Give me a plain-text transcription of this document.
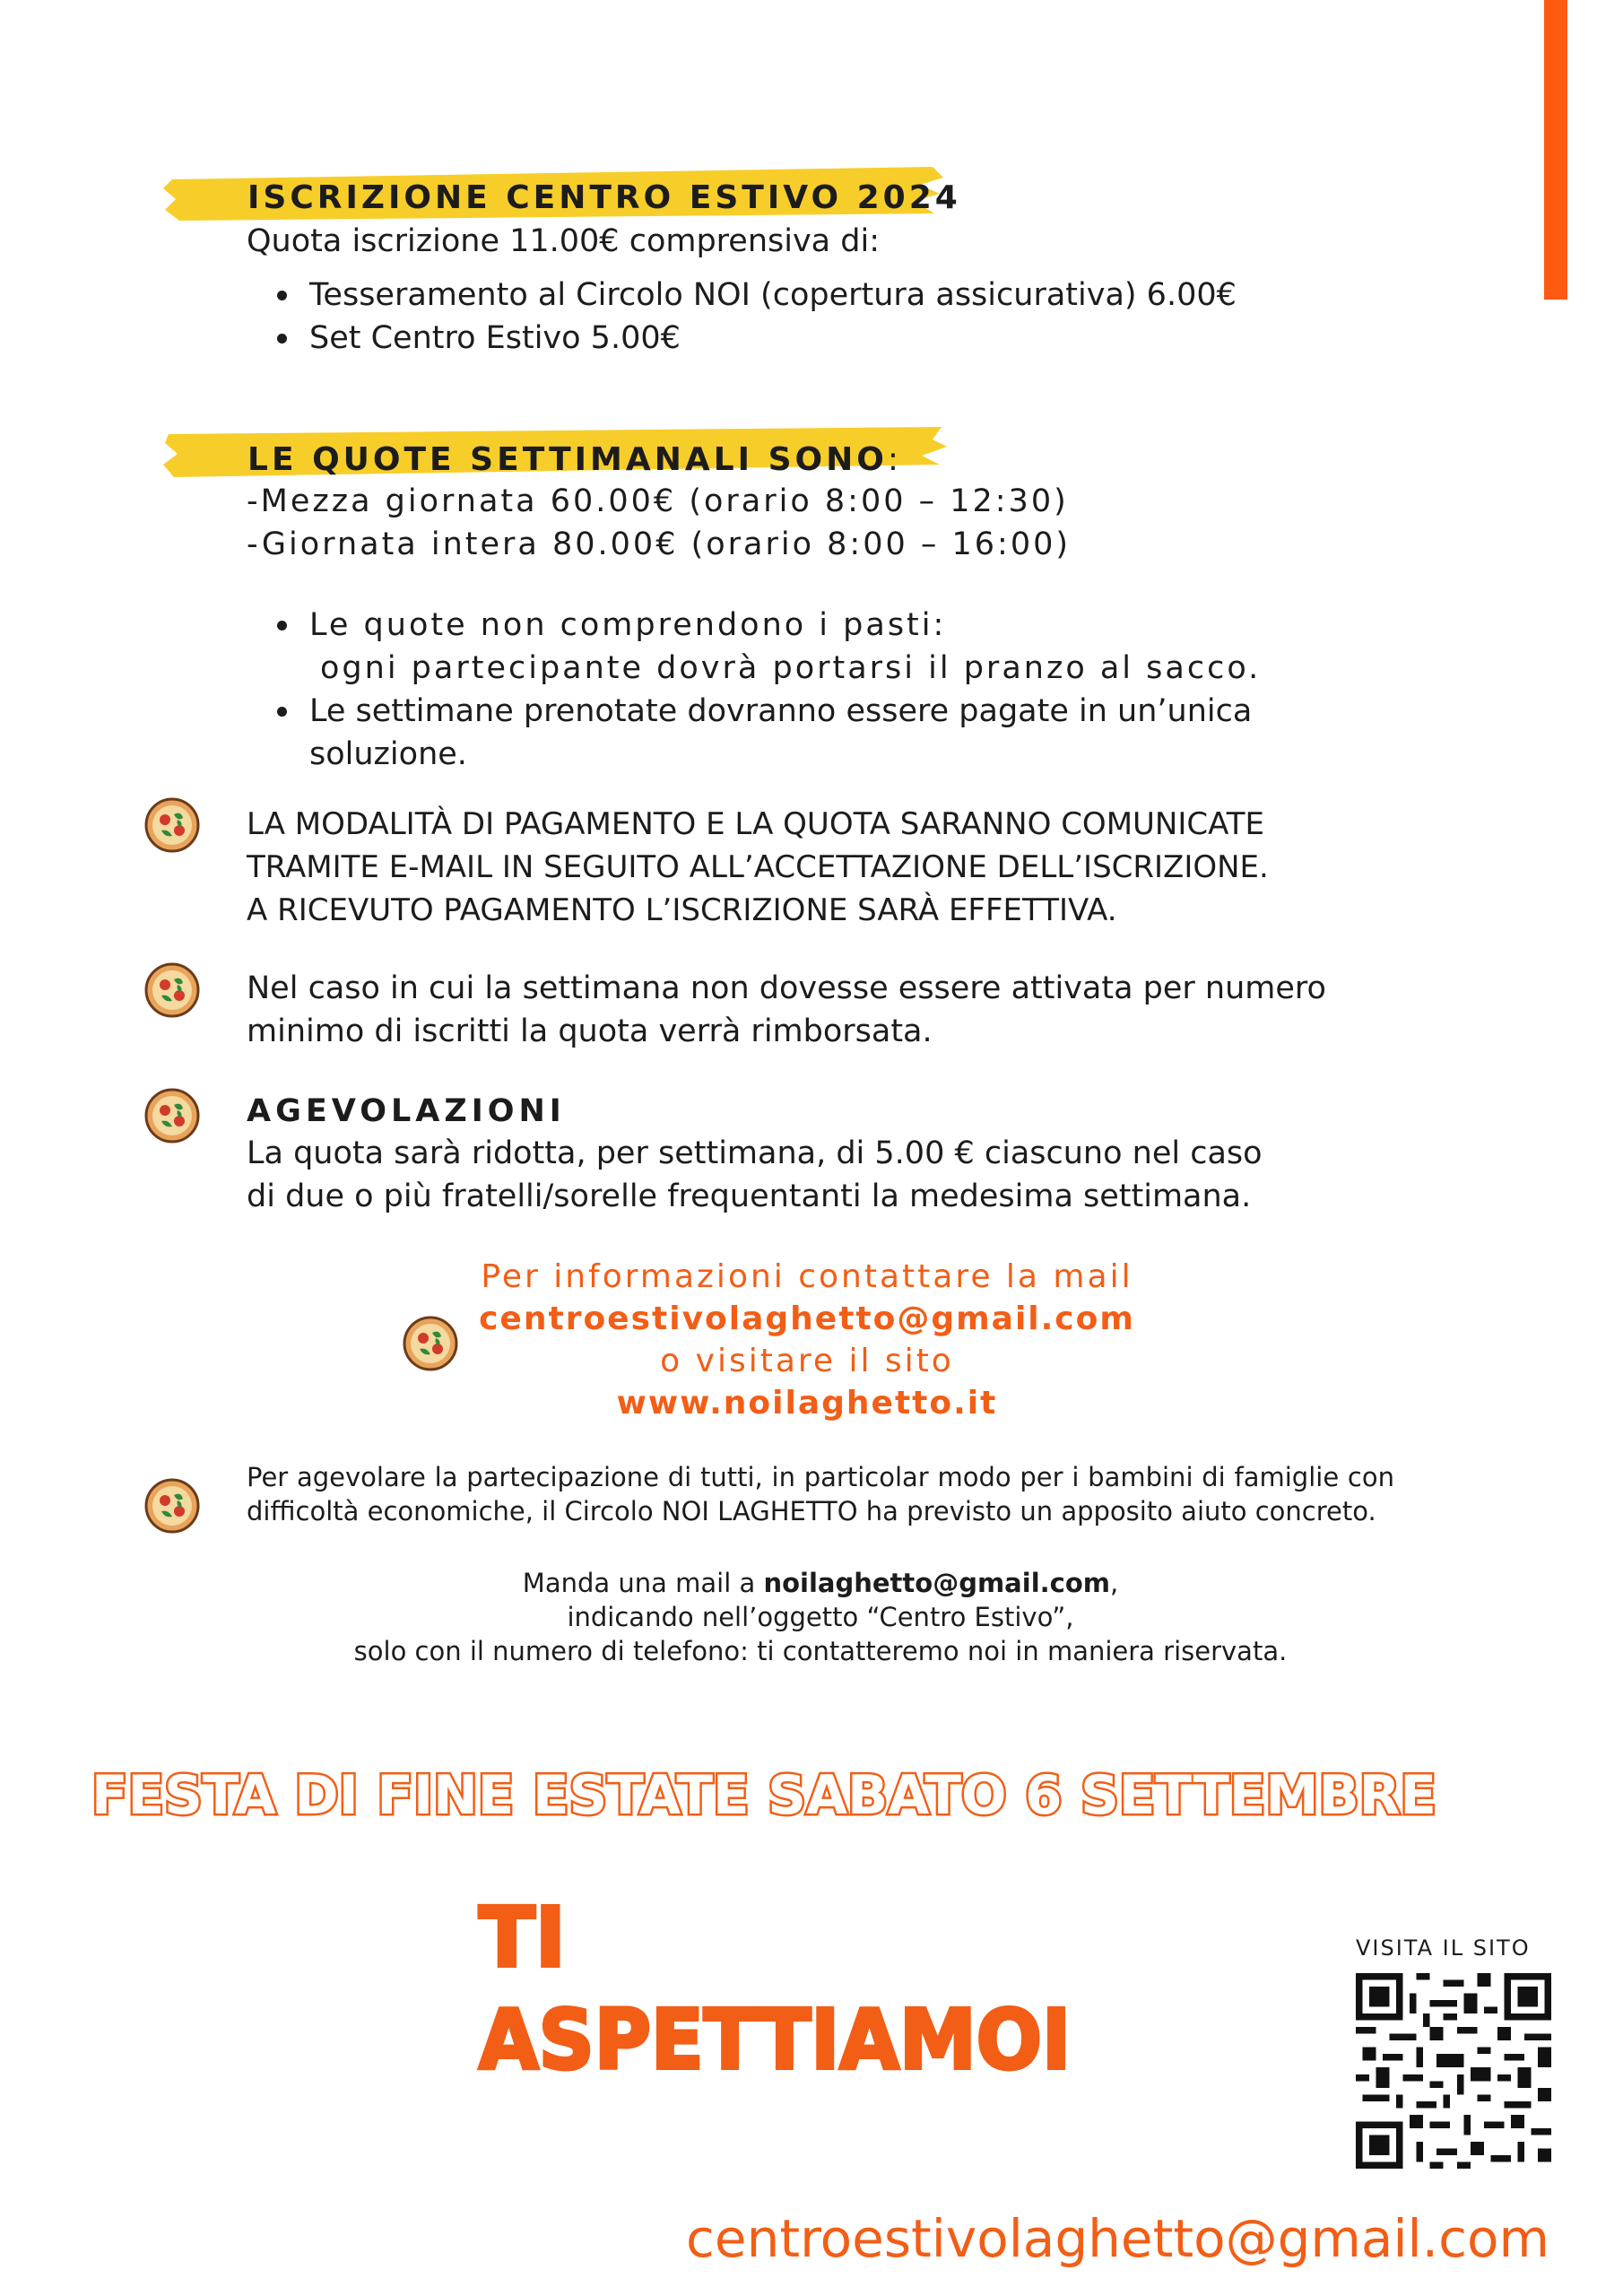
ISCRIZIONE CENTRO ESTIVO 2024
Quota iscrizione 11.00€ comprensiva di:
Tesseramento al Circolo NOI (copertura assicurativa) 6.00€
Set Centro Estivo 5.00€
LE QUOTE SETTIMANALI SONO:
-Mezza giornata 60.00€ (orario 8:00 – 12:30)
-Giornata intera 80.00€ (orario 8:00 – 16:00)
Le quote non comprendono i pasti:
ogni partecipante dovrà portarsi il pranzo al sacco.
Le settimane prenotate dovranno essere pagate in un’unica
soluzione.
LA MODALITÀ DI PAGAMENTO E LA QUOTA SARANNO COMUNICATE
TRAMITE E-MAIL IN SEGUITO ALL’ACCETTAZIONE DELL’ISCRIZIONE.
A RICEVUTO PAGAMENTO L’ISCRIZIONE SARÀ EFFETTIVA.
Nel caso in cui la settimana non dovesse essere attivata per numero
minimo di iscritti la quota verrà rimborsata.
AGEVOLAZIONI
La quota sarà ridotta, per settimana, di 5.00 € ciascuno nel caso
di due o più fratelli/sorelle frequentanti la medesima settimana.
Per informazioni contattare la mail
centroestivolaghetto@gmail.com
o visitare il sito
www.noilaghetto.it
Per agevolare la partecipazione di tutti, in particolar modo per i bambini di famiglie con difficoltà economiche, il Circolo NOI LAGHETTO ha previsto un apposito aiuto concreto.
Manda una mail a noilaghetto@gmail.com,
indicando nell’oggetto “Centro Estivo”,
solo con il numero di telefono: ti contatteremo noi in maniera riservata.
FESTA DI FINE ESTATE SABATO 6 SETTEMBRE
TI
ASPETTIAMOI
VISITA IL SITO
centroestivolaghetto@gmail.com
